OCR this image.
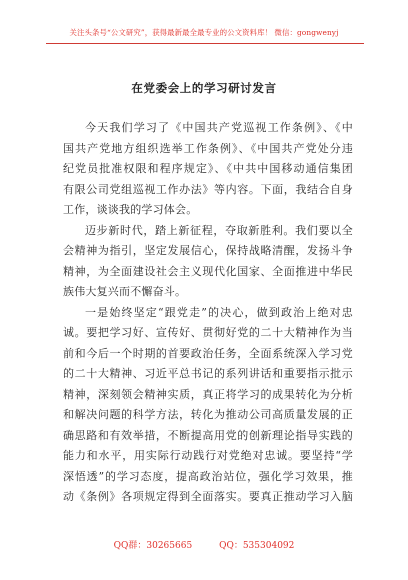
关注头条号“公文研究”，获得最新最全最专业的公文资料库！ 微信：gongwenyj
在党委会上的学习研讨发言
今天我们学习了《中国共产党巡视工作条例》、《中
国共产党地方组织选举工作条例》、《中国共产党处分违
纪党员批准权限和程序规定》、《中共中国移动通信集团
有限公司党组巡视工作办法》等内容。下面，我结合自身
工作，谈谈我的学习体会。
迈步新时代，踏上新征程，夺取新胜利。我们要以全
会精神为指引，坚定发展信心，保持战略清醒，发扬斗争
精神，为全面建设社会主义现代化国家、全面推进中华民
族伟大复兴而不懈奋斗。
一是始终坚定“跟党走”的决心，做到政治上绝对忠
诚。要把学习好、宣传好、贯彻好党的二十大精神作为当
前和今后一个时期的首要政治任务，全面系统深入学习党
的二十大精神、习近平总书记的系列讲话和重要指示批示
精神，深刻领会精神实质，真正将学习的成果转化为分析
和解决问题的科学方法，转化为推动公司高质量发展的正
确思路和有效举措，不断提高用党的创新理论指导实践的
能力和水平，用实际行动践行对党绝对忠诚。要坚持“学
深悟透”的学习态度，提高政治站位，强化学习效果，推
动《条例》各项规定得到全面落实。要真正推动学习入脑
QQ群：30265665	QQ：535304092
